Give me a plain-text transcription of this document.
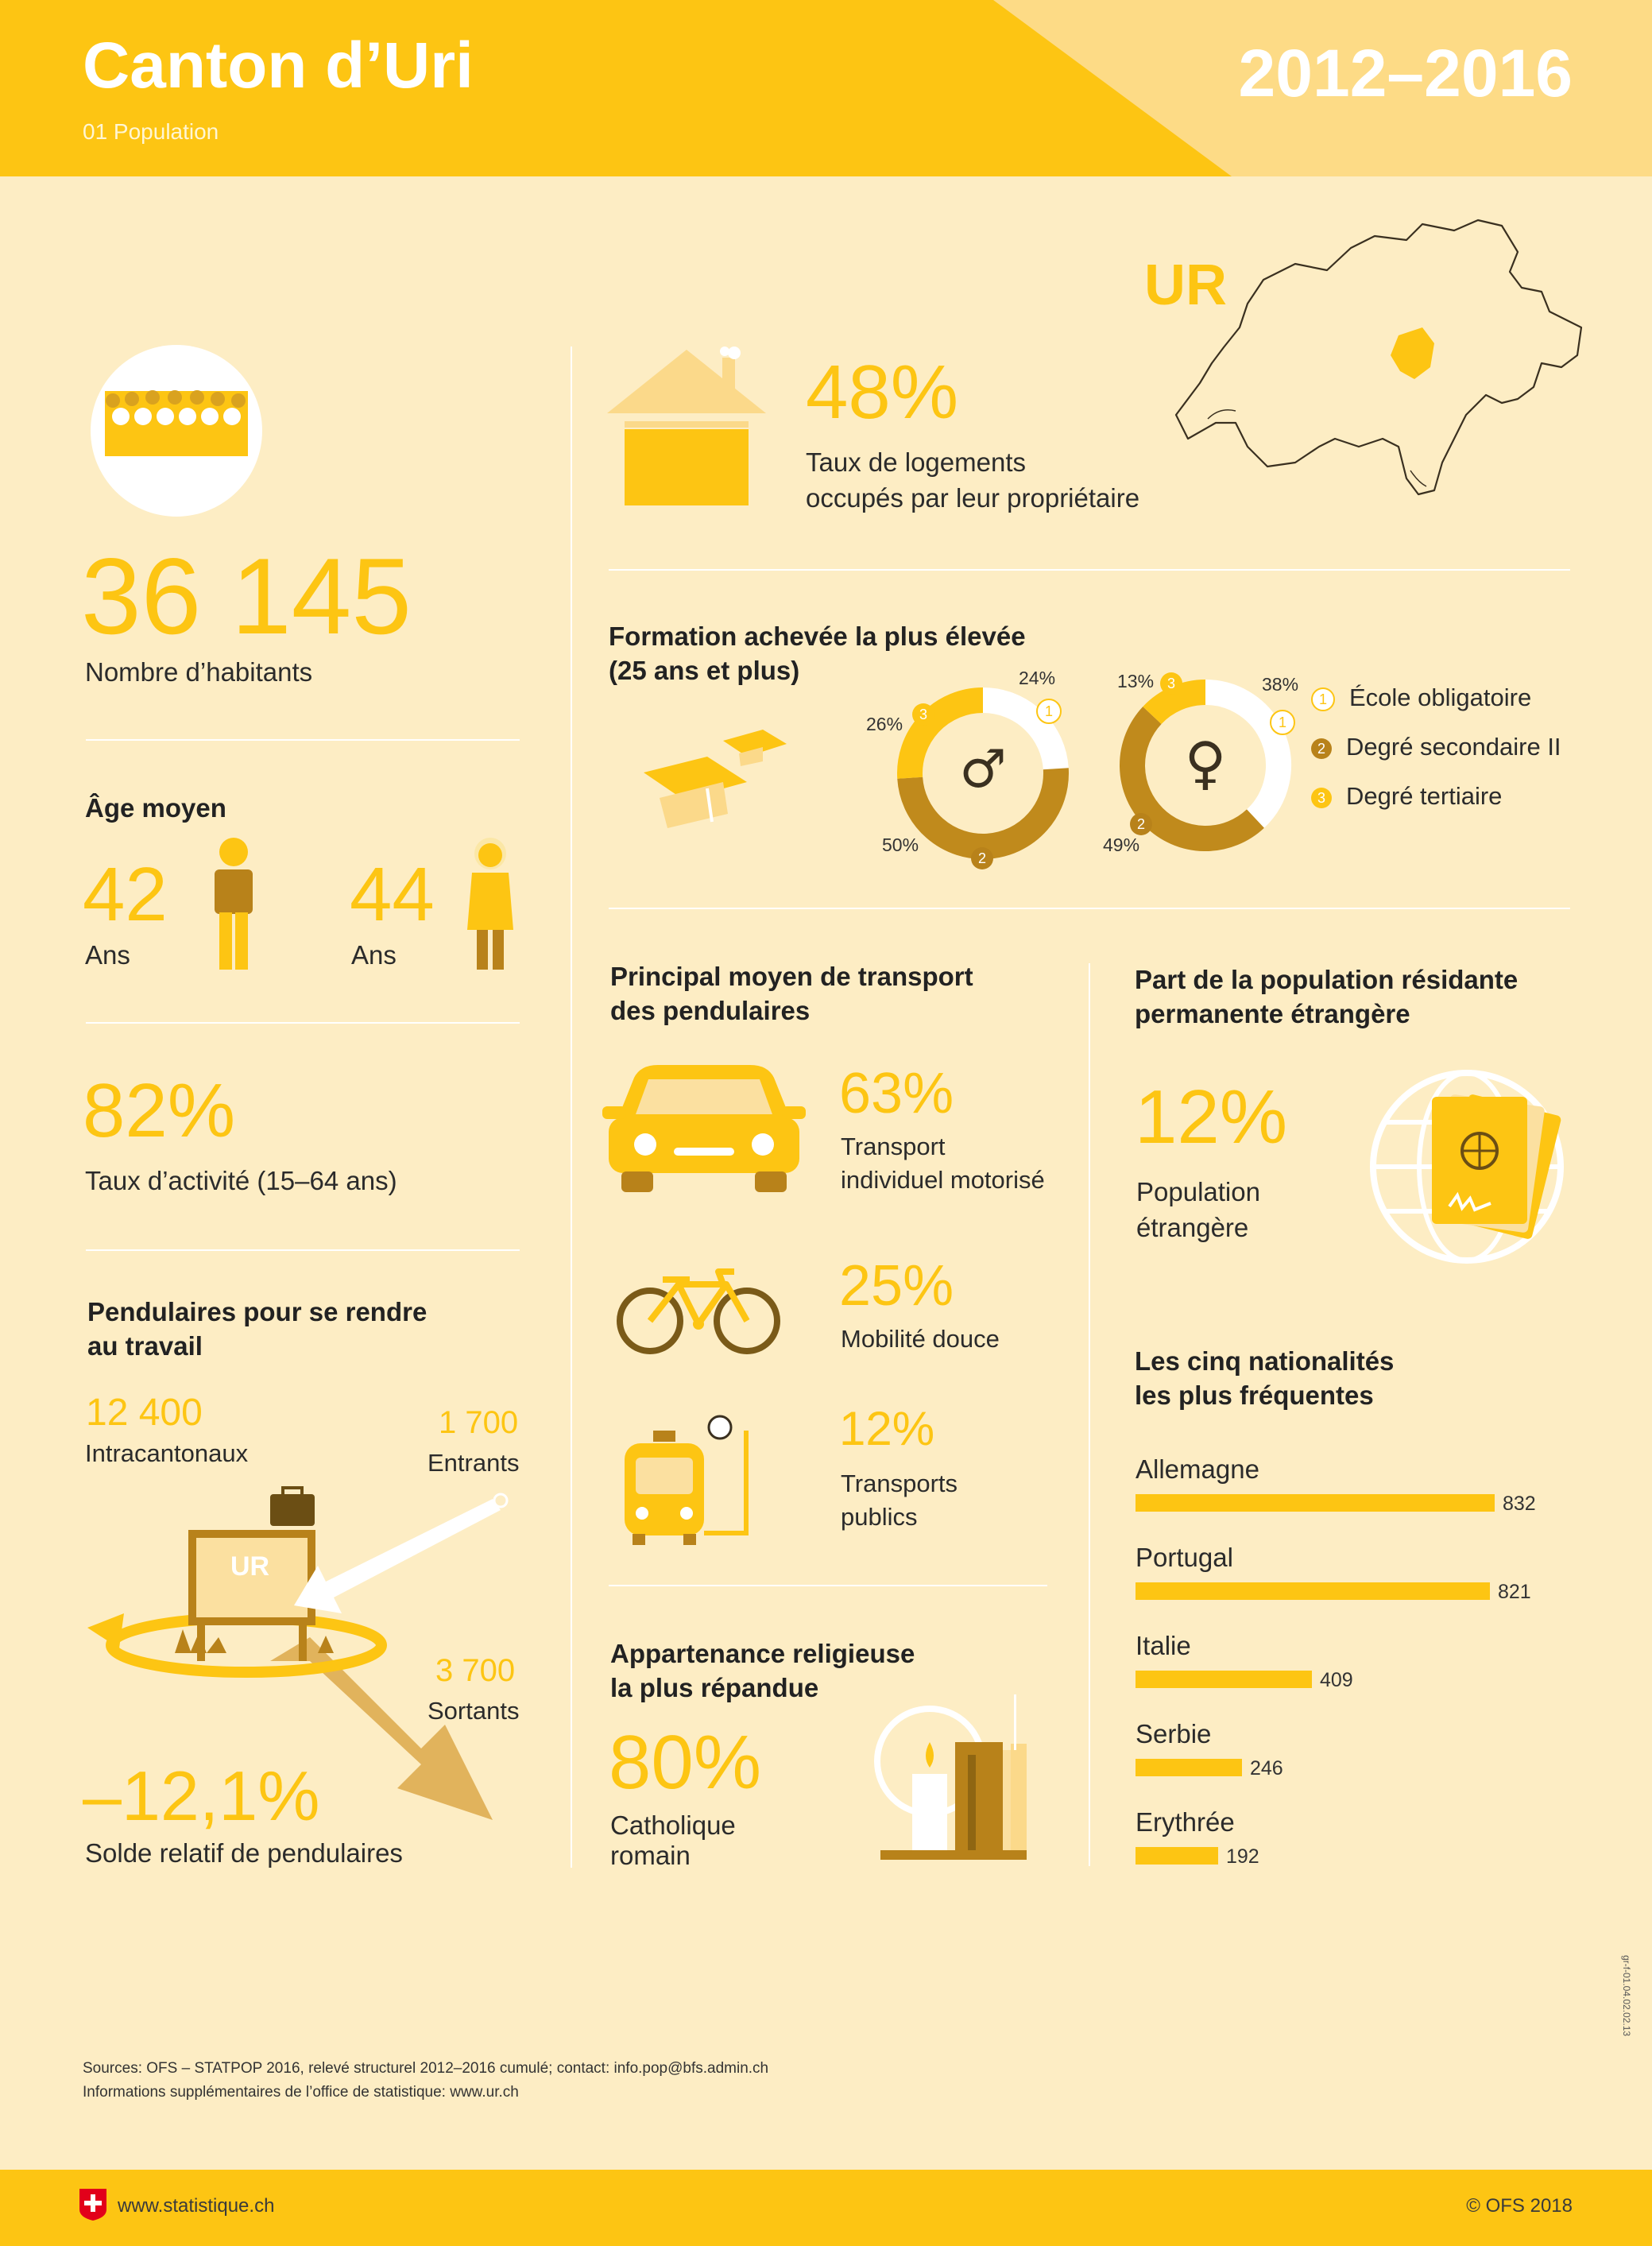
Canton d’Uri
01 Population
2012–2016
UR
36 145
Nombre d’habitants
Âge moyen
42
Ans
44
Ans
82%
Taux d’activité (15–64 ans)
Pendulaires pour se rendre
au travail
12 400
Intracantonaux
1 700
Entrants
UR
3 700
Sortants
–12,1%
Solde relatif de pendulaires
48%
Taux de logements
occupés par leur propriétaire
Formation achevée la plus élevée
(25 ans et plus)
♂
24%
50%
26%
1
2
3
♀
38%
49%
13%
1
2
3
1 École obligatoire
2 Degré secondaire II
3 Degré tertiaire
Principal moyen de transport
des pendulaires
63%
Transport
individuel motorisé
25%
Mobilité douce
12%
Transports
publics
Appartenance religieuse
la plus répandue
80%
Catholique
romain
Part de la population résidante
permanente étrangère
12%
Population
étrangère
Les cinq nationalités
les plus fréquentes
Allemagne
832
Portugal
821
Italie
409
Serbie
246
Erythrée
192
Sources: OFS – STATPOP 2016, relevé structurel 2012–2016 cumulé; contact: info.pop@bfs.admin.ch
Informations supplémentaires de l’office de statistique: www.ur.ch
gr-f-01.04.02.02.13
www.statistique.ch	© OFS 2018
